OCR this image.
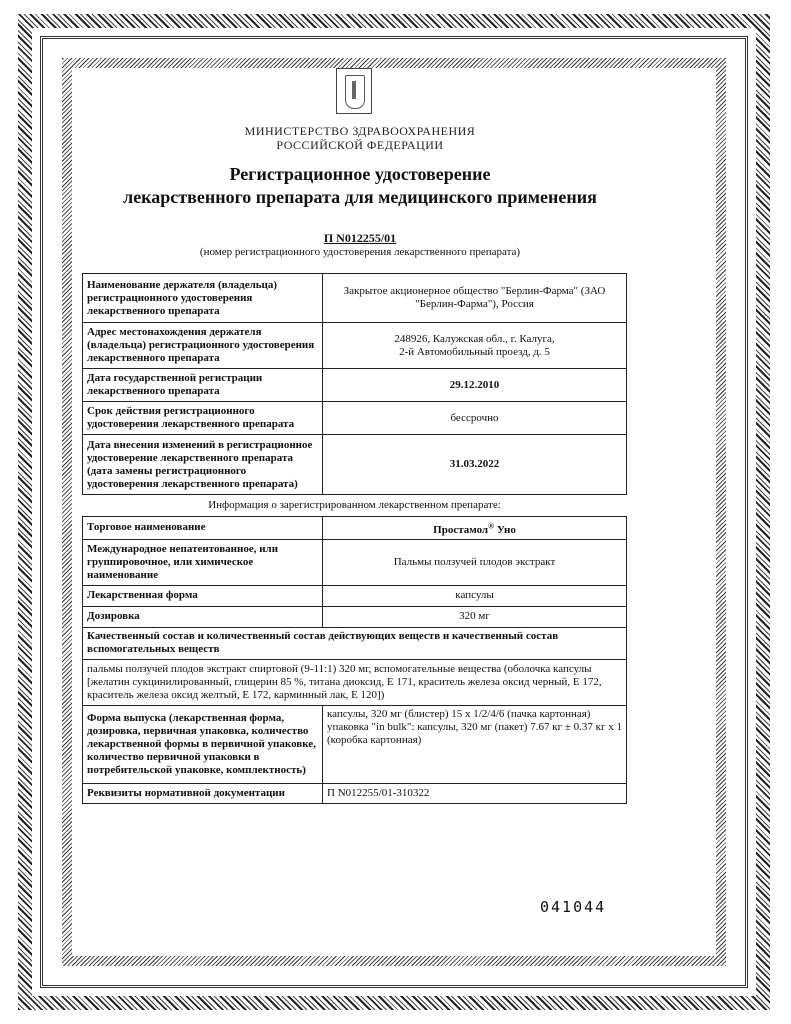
МИНИСТЕРСТВО ЗДРАВООХРАНЕНИЯ
РОССИЙСКОЙ ФЕДЕРАЦИИ
Регистрационное удостоверение
лекарственного препарата для медицинского применения
П N012255/01
(номер регистрационного удостоверения лекарственного препарата)
Наименование держателя (владельца) регистрационного удостоверения лекарственного препарата	Закрытое акционерное общество "Берлин-Фарма" (ЗАО "Берлин-Фарма"), Россия
Адрес местонахождения держателя (владельца) регистрационного удостоверения лекарственного препарата	248926, Калужская обл., г. Калуга,
2-й Автомобильный проезд, д. 5

Дата государственной регистрации лекарственного препарата	29.12.2010
Срок действия регистрационного удостоверения лекарственного препарата	бессрочно
Дата внесения изменений в регистрационное удостоверение лекарственного препарата (дата замены регистрационного удостоверения лекарственного препарата)	31.03.2022
Информация о зарегистрированном лекарственном препарате:	
Торговое наименование	Простамол® Уно
Международное непатентованное, или группировочное, или химическое наименование	Пальмы ползучей плодов экстракт
Лекарственная форма	капсулы
Дозировка	320 мг
Качественный состав и количественный состав действующих веществ и качественный состав вспомогательных веществ	
пальмы ползучей плодов экстракт спиртовой (9-11:1) 320 мг, вспомогательные вещества (оболочка капсулы [желатин сукцинилированный, глицерин 85 %, титана диоксид, Е 171, краситель железа оксид черный, Е 172, краситель железа оксид желтый, Е 172, карминный лак, Е 120])	
Форма выпуска (лекарственная форма, дозировка, первичная упаковка, количество лекарственной формы в первичной упаковке, количество первичной упаковки в потребительской упаковке, комплектность)	капсулы, 320 мг (блистер) 15 x 1/2/4/6 (пачка картонная)
упаковка "in bulk": капсулы, 320 мг (пакет) 7.67 кг ± 0.37 кг x 1 (коробка картонная)

Реквизиты нормативной документации	П N012255/01-310322
041044
